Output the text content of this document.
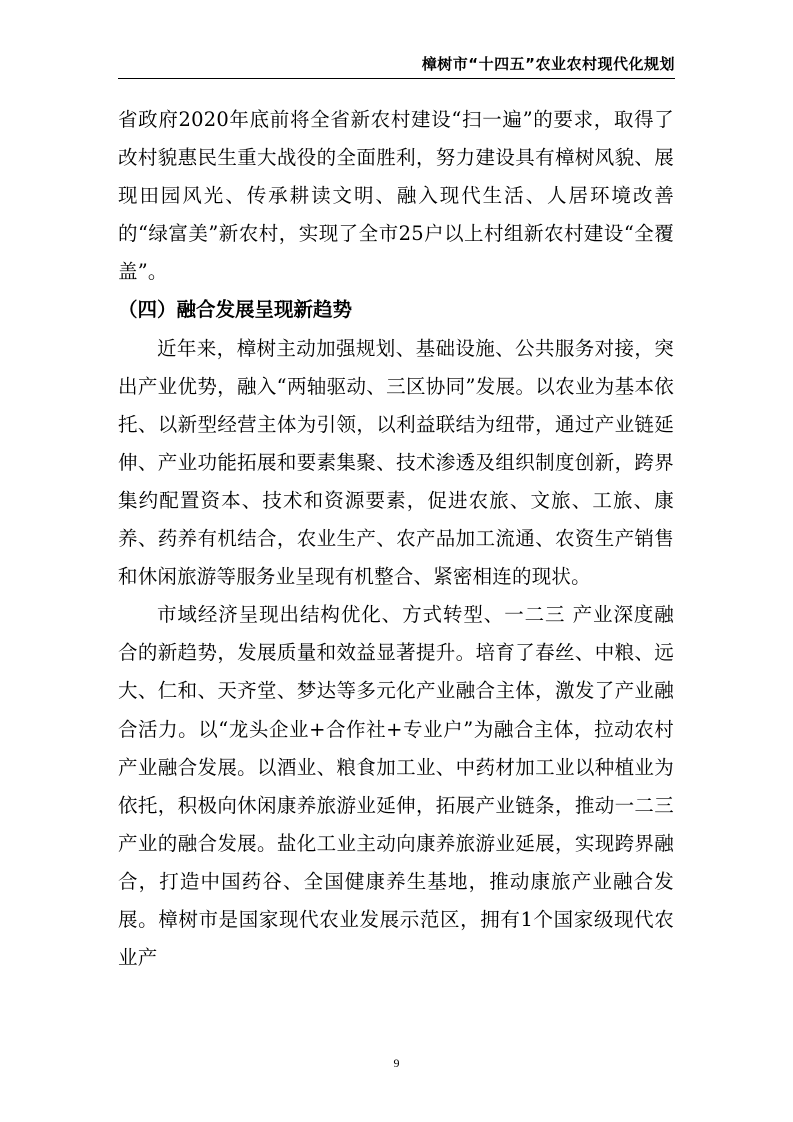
樟树市“十四五”农业农村现代化规划

省政府2020年底前将全省新农村建设“扫一遍”的要求，取得了改村貌惠民生重大战役的全面胜利，努力建设具有樟树风貌、展现田园风光、传承耕读文明、融入现代生活、人居环境改善的“绿富美”新农村，实现了全市25户以上村组新农村建设“全覆盖”。

（四）融合发展呈现新趋势

近年来，樟树主动加强规划、基础设施、公共服务对接，突出产业优势，融入“两轴驱动、三区协同”发展。以农业为基本依托、以新型经营主体为引领，以利益联结为纽带，通过产业链延伸、产业功能拓展和要素集聚、技术渗透及组织制度创新，跨界集约配置资本、技术和资源要素，促进农旅、文旅、工旅、康养、药养有机结合，农业生产、农产品加工流通、农资生产销售和休闲旅游等服务业呈现有机整合、紧密相连的现状。

市域经济呈现出结构优化、方式转型、一二三 产业深度融合的新趋势，发展质量和效益显著提升。培育了春丝、中粮、远大、仁和、天齐堂、梦达等多元化产业融合主体，激发了产业融合活力。以“龙头企业+合作社+专业户”为融合主体，拉动农村产业融合发展。以酒业、粮食加工业、中药材加工业以种植业为依托，积极向休闲康养旅游业延伸，拓展产业链条，推动一二三产业的融合发展。盐化工业主动向康养旅游业延展，实现跨界融合，打造中国药谷、全国健康养生基地，推动康旅产业融合发展。樟树市是国家现代农业发展示范区，拥有1个国家级现代农业产

9
